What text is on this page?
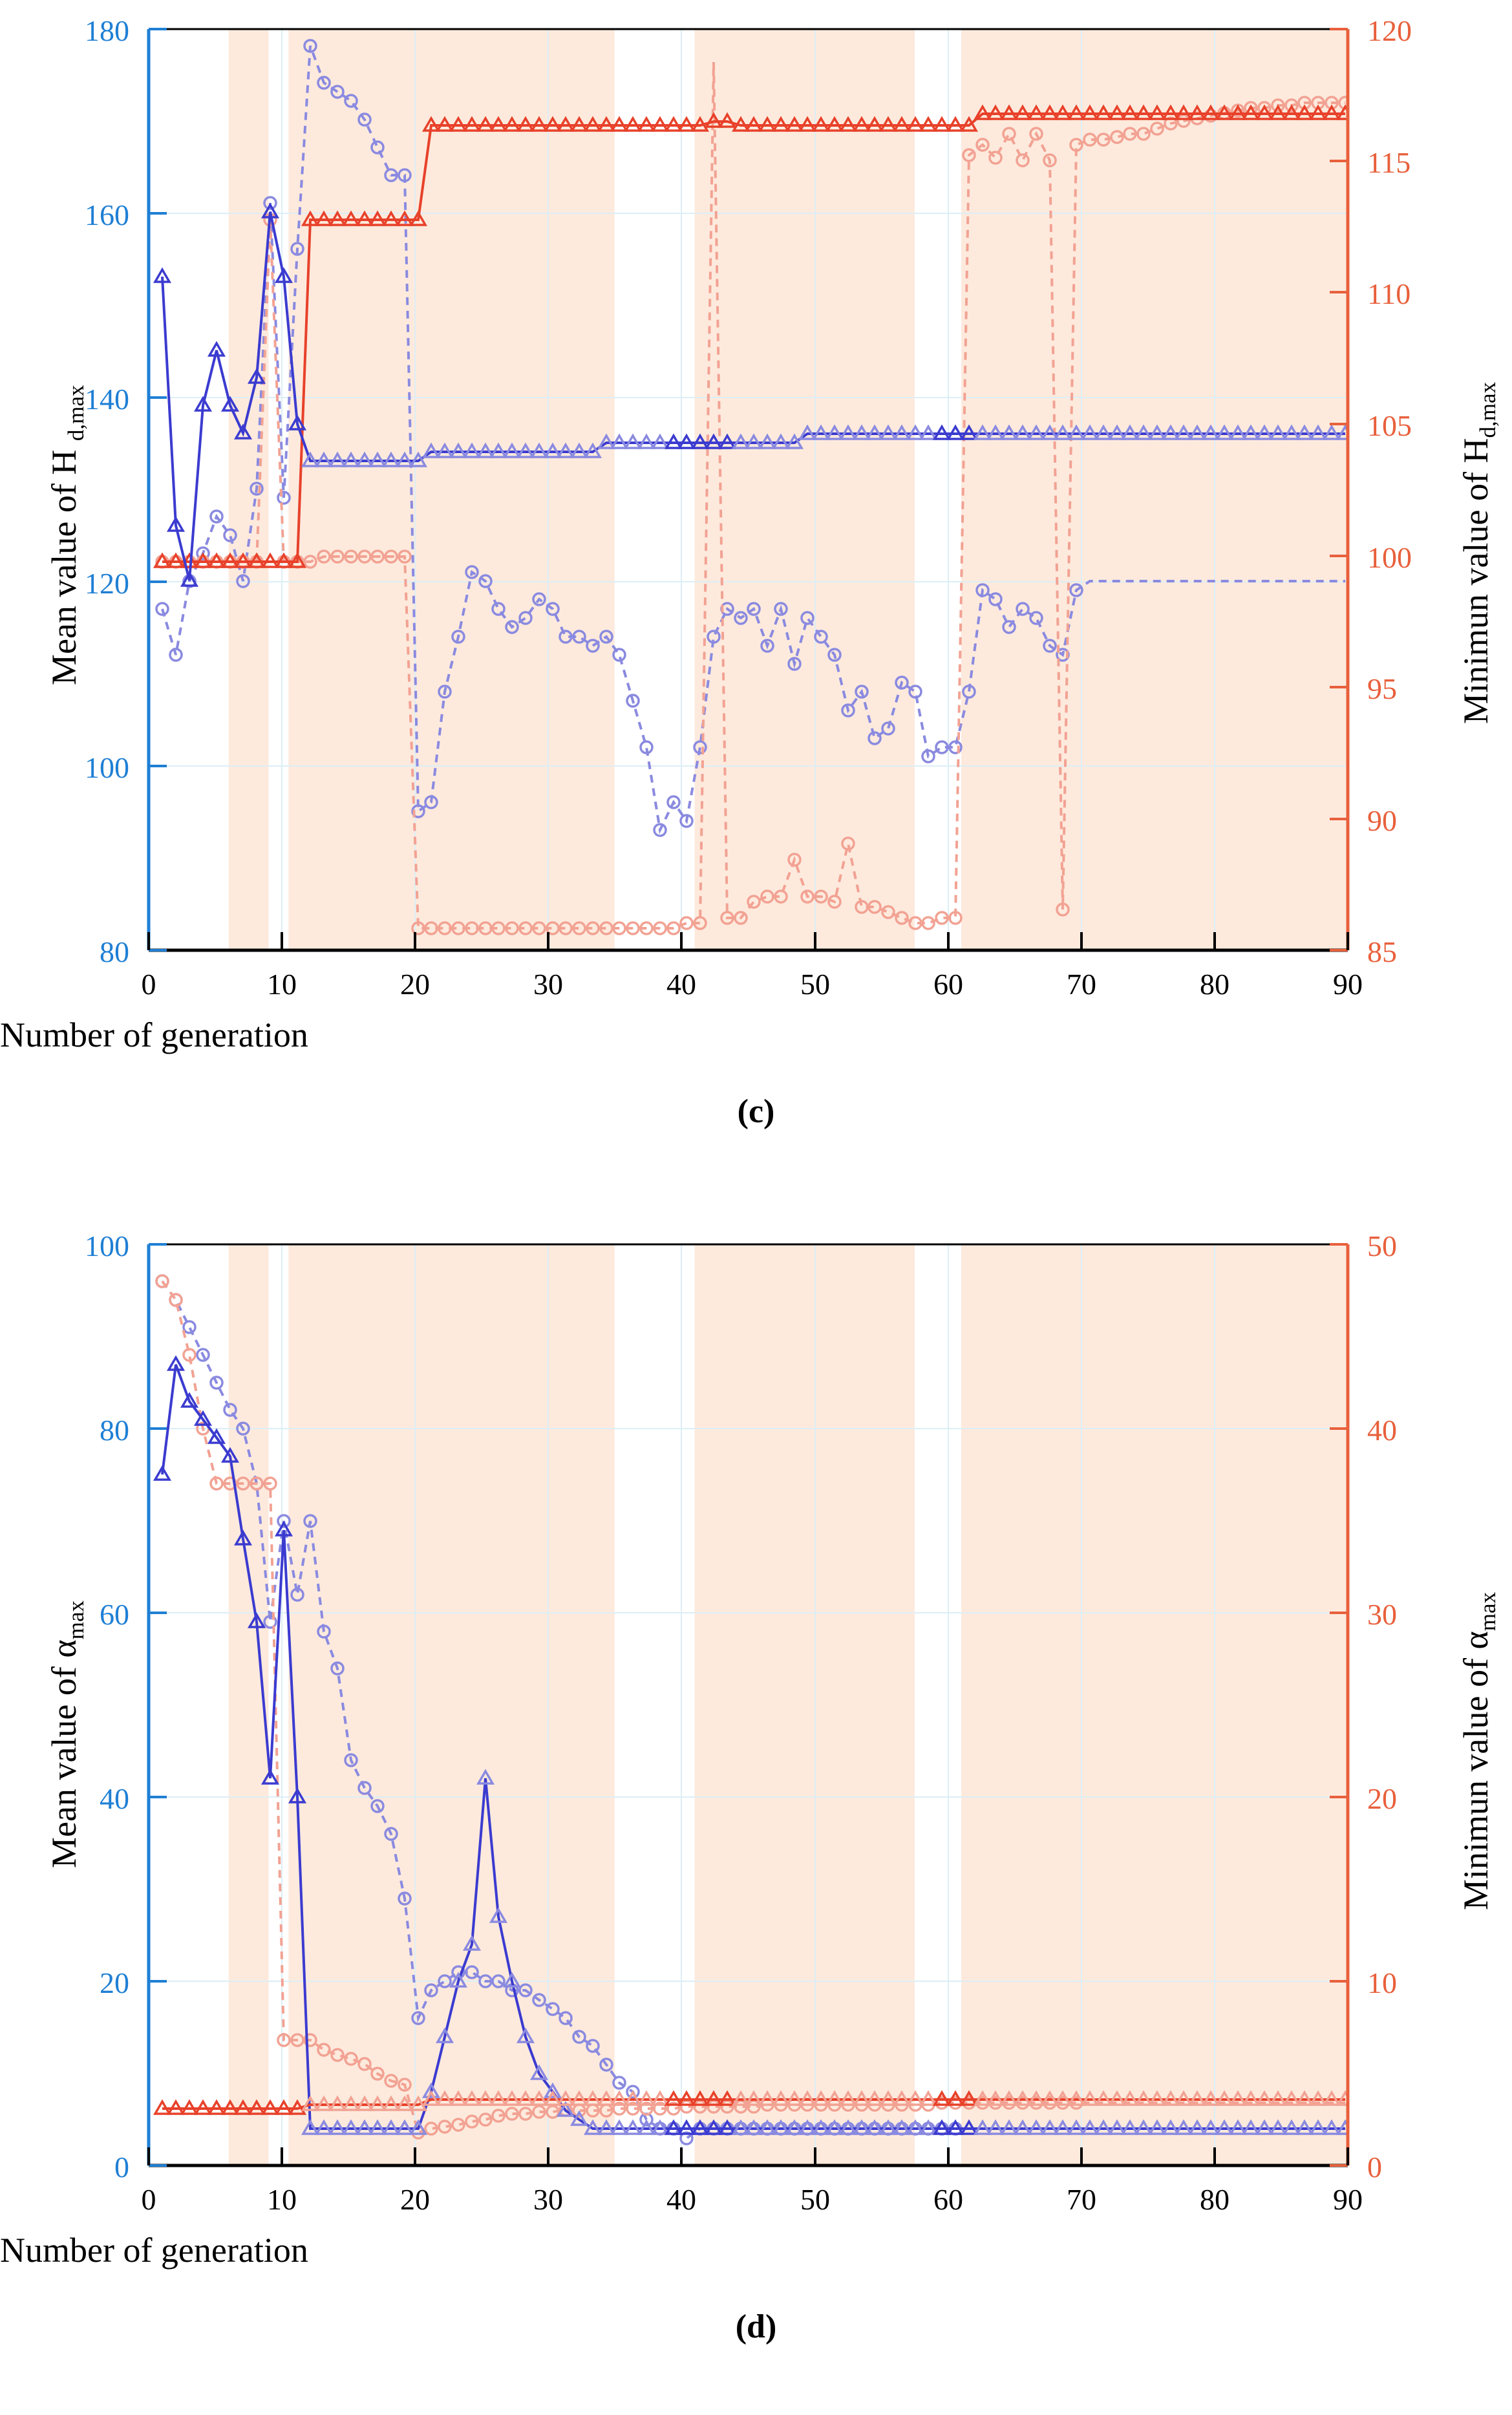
Mean value of H $_{d,max}$
Minimun value of $H_{d,max}$
Number of generation
(c)
80
100
120
140
160
180
85
90
95
100
105
110
115
120
0	10	20	30	40	50	60	70	80	90
Mean value of $\alpha_{max}$
Minimun value of $\alpha_{max}$
Number of generation
(d)
0
20
40
60
80
100
0
10
20
30
40
50
0	10	20	30	40	50	60	70	80	90
